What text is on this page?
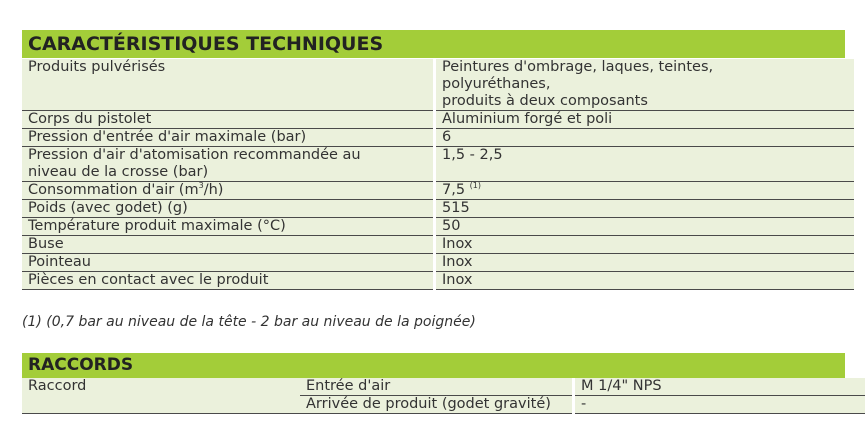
CARACTÉRISTIQUES TECHNIQUES
Produits pulvérisés	Peintures d'ombrage, laques, teintes,
polyuréthanes,
produits à deux composants

Corps du pistolet	Aluminium forgé et poli
Pression d'entrée d'air maximale (bar)	6

Pression d'air d'atomisation recommandée au
niveau de la crosse (bar)	1,5 - 2,5
Consommation d'air $(m^3/h)$	7,5 $^{(1)}$
Poids (avec godet) (g)	515
Température produit maximale (°C)	50
Buse	Inox
Pointeau	Inox
Pièces en contact avec le produit	Inox
(1) (0,7 bar au niveau de la tête - 2 bar au niveau de la poignée)
RACCORDS
Raccord	Entrée d'air	M 1/4" NPS
	Arrivée de produit (godet gravité)	-
